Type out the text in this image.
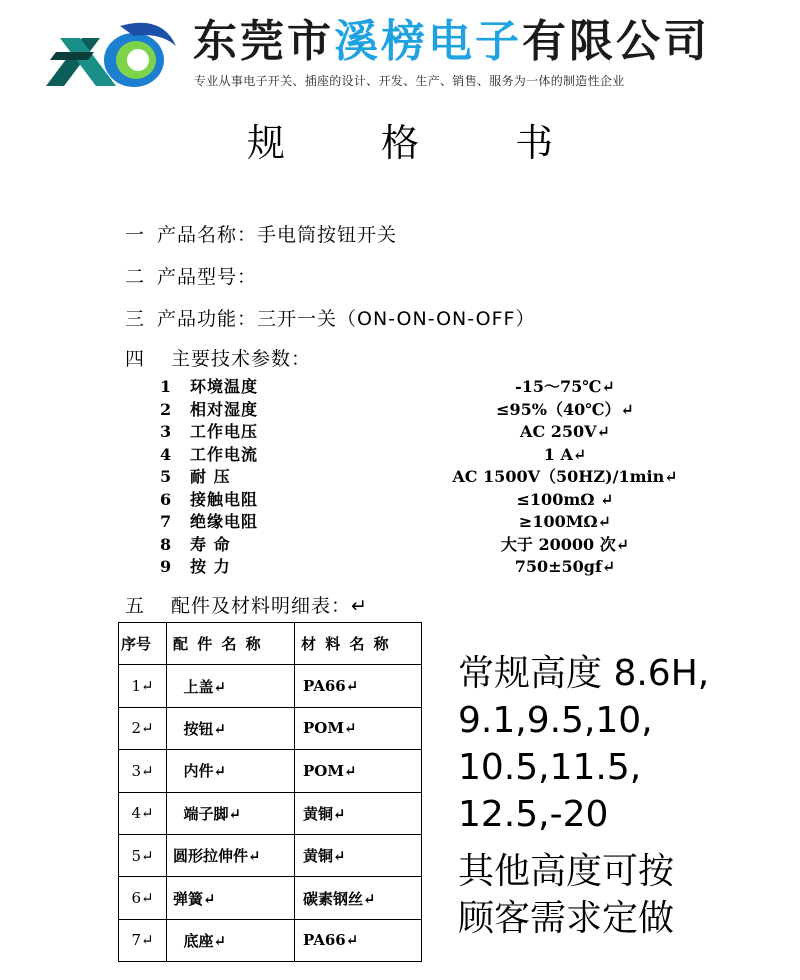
东莞市溪榜电子有限公司
专业从事电子开关、插座的设计、开发、生产、销售、服务为一体的制造性企业
规 格 书
一 产品名称：手电筒按钮开关
二 产品型号：
三 产品功能：三开一关（ON-ON-ON-OFF）
四 主要技术参数：
1 环境温度	-15～75℃↵
2 相对湿度	≤95%（40℃）↵
3 工作电压	AC 250V↵
4 工作电流	1 A↵
5 耐 压	AC 1500V（50HZ)/1min↵
6 接触电阻	≤100mΩ ↵
7 绝缘电阻	≥100MΩ↵
8 寿 命	大于 20000 次↵
9 按 力	750±50gf↵
五 配件及材料明细表：↵
序号	配 件 名 称	材 料 名 称
1↵	上盖↵	PA66↵
2↵	按钮↵	POM↵
3↵	内件↵	POM↵
4↵	端子脚↵	黄铜↵
5↵	圆形拉伸件↵	黄铜↵
6↵	弹簧↵	碳素钢丝↵
7↵	底座↵	PA66↵
常规高度 8.6H,
9.1,9.5,10,
10.5,11.5,
12.5,-20
其他高度可按
顾客需求定做
